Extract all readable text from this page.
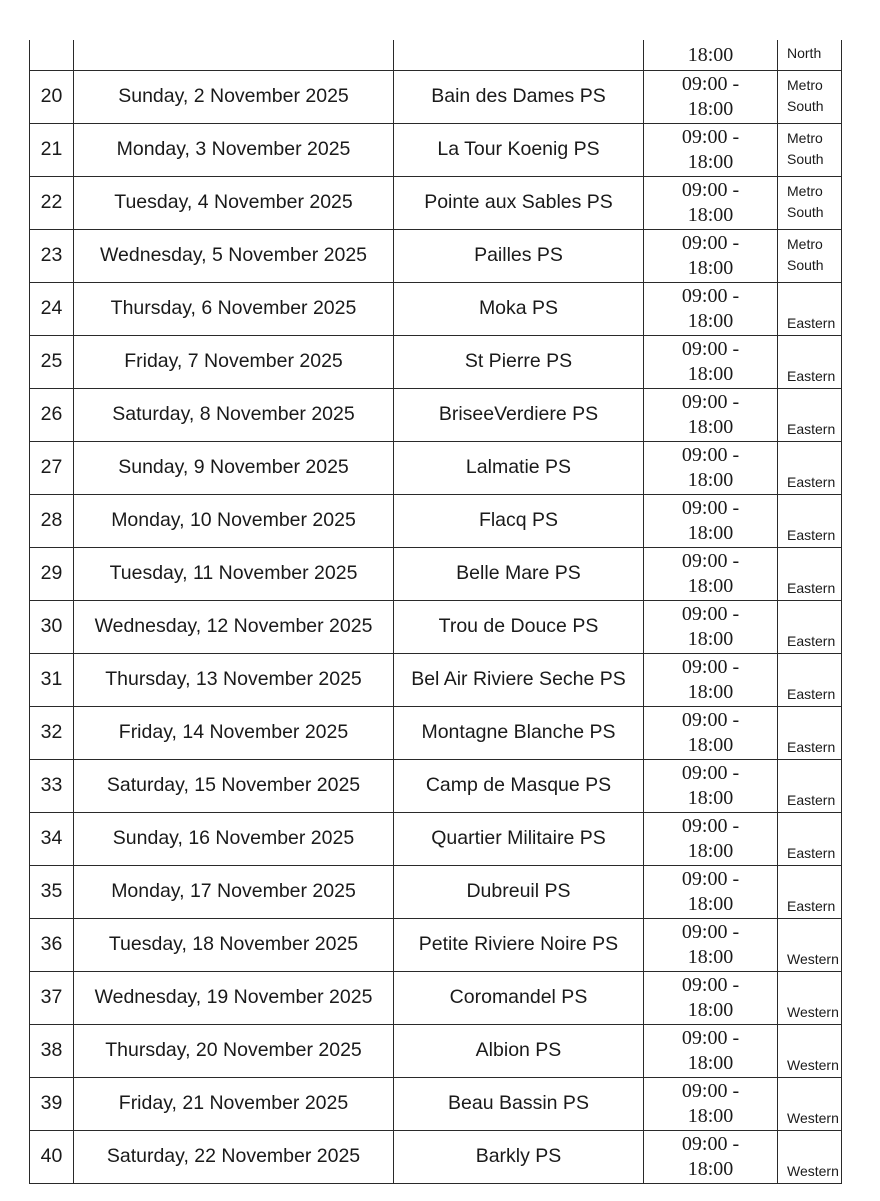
			18:00	North

20	Sunday, 2 November 2025	Bain des Dames PS	09:00 -
18:00	Metro
South

21	Monday, 3 November 2025	La Tour Koenig PS	09:00 -
18:00	Metro
South

22	Tuesday, 4 November 2025	Pointe aux Sables PS	09:00 -
18:00	Metro
South

23	Wednesday, 5 November 2025	Pailles PS	09:00 -
18:00	Metro
South

24	Thursday, 6 November 2025	Moka PS	09:00 -
18:00	Eastern

25	Friday, 7 November 2025	St Pierre PS	09:00 -
18:00	Eastern

26	Saturday, 8 November 2025	BriseeVerdiere PS	09:00 -
18:00	Eastern

27	Sunday, 9 November 2025	Lalmatie PS	09:00 -
18:00	Eastern

28	Monday, 10 November 2025	Flacq PS	09:00 -
18:00	Eastern

29	Tuesday, 11 November 2025	Belle Mare PS	09:00 -
18:00	Eastern

30	Wednesday, 12 November 2025	Trou de Douce PS	09:00 -
18:00	Eastern

31	Thursday, 13 November 2025	Bel Air Riviere Seche PS	09:00 -
18:00	Eastern

32	Friday, 14 November 2025	Montagne Blanche PS	09:00 -
18:00	Eastern

33	Saturday, 15 November 2025	Camp de Masque PS	09:00 -
18:00	Eastern

34	Sunday, 16 November 2025	Quartier Militaire PS	09:00 -
18:00	Eastern

35	Monday, 17 November 2025	Dubreuil PS	09:00 -
18:00	Eastern

36	Tuesday, 18 November 2025	Petite Riviere Noire PS	09:00 -
18:00	Western

37	Wednesday, 19 November 2025	Coromandel PS	09:00 -
18:00	Western

38	Thursday, 20 November 2025	Albion PS	09:00 -
18:00	Western

39	Friday, 21 November 2025	Beau Bassin PS	09:00 -
18:00	Western

40	Saturday, 22 November 2025	Barkly PS	09:00 -
18:00	Western
